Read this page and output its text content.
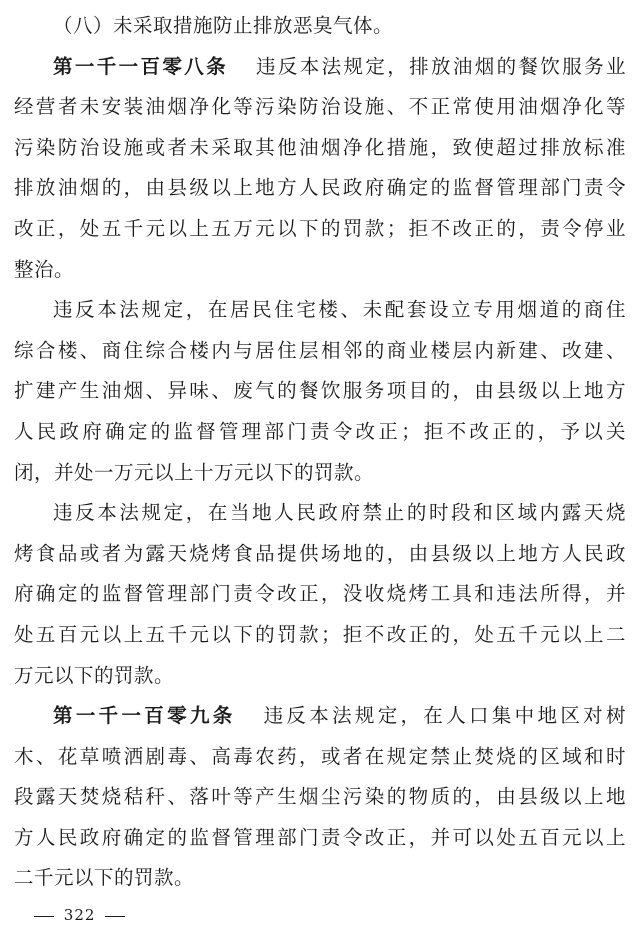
（八）未采取措施防止排放恶臭气体。
第一千一百零八条 违反本法规定，排放油烟的餐饮服务业
经营者未安装油烟净化等污染防治设施、不正常使用油烟净化等
污染防治设施或者未采取其他油烟净化措施，致使超过排放标准
排放油烟的，由县级以上地方人民政府确定的监督管理部门责令
改正，处五千元以上五万元以下的罚款；拒不改正的，责令停业
整治。
违反本法规定，在居民住宅楼、未配套设立专用烟道的商住
综合楼、商住综合楼内与居住层相邻的商业楼层内新建、改建、
扩建产生油烟、异味、废气的餐饮服务项目的，由县级以上地方
人民政府确定的监督管理部门责令改正；拒不改正的，予以关
闭，并处一万元以上十万元以下的罚款。
违反本法规定，在当地人民政府禁止的时段和区域内露天烧
烤食品或者为露天烧烤食品提供场地的，由县级以上地方人民政
府确定的监督管理部门责令改正，没收烧烤工具和违法所得，并
处五百元以上五千元以下的罚款；拒不改正的，处五千元以上二
万元以下的罚款。
第一千一百零九条 违反本法规定，在人口集中地区对树
木、花草喷洒剧毒、高毒农药，或者在规定禁止焚烧的区域和时
段露天焚烧秸秆、落叶等产生烟尘污染的物质的，由县级以上地
方人民政府确定的监督管理部门责令改正，并可以处五百元以上
二千元以下的罚款。
322
